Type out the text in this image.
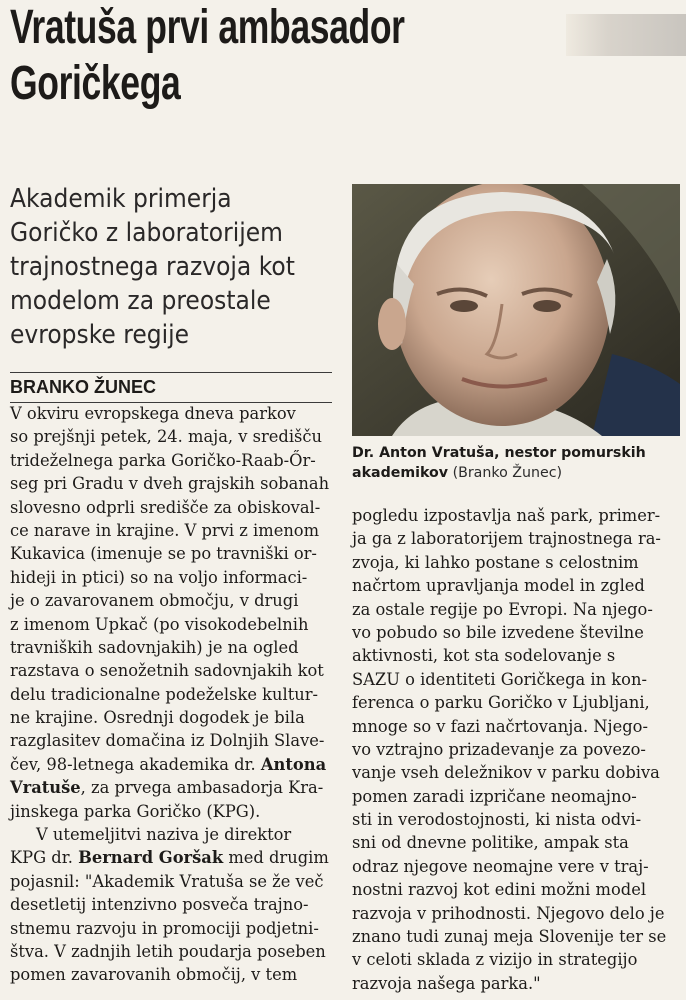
Vratuša prvi ambasador
Goričkega
Akademik primerja
Goričko z laboratorijem
trajnostnega razvoja kot
modelom za preostale
evropske regije
BRANKO ŽUNEC
Dr. Anton Vratuša, nestor pomurskih akademikov (Branko Žunec)
V okviru evropskega dneva parkov
so prejšnji petek, 24. maja, v središču
trideželnega parka Goričko-Raab-Őr-
seg pri Gradu v dveh grajskih sobanah
slovesno odprli središče za obiskoval-
ce narave in krajine. V prvi z imenom
Kukavica (imenuje se po travniški or-
hideji in ptici) so na voljo informaci-
je o zavarovanem območju, v drugi
z imenom Upkač (po visokodebelnih
travniških sadovnjakih) je na ogled
razstava o senožetnih sadovnjakih kot
delu tradicionalne podeželske kultur-
ne krajine. Osrednji dogodek je bila
razglasitev domačina iz Dolnjih Slave-
čev, 98-letnega akademika dr. Antona
Vratuše, za prvega ambasadorja Kra-
jinskega parka Goričko (KPG).
V utemeljitvi naziva je direktor
KPG dr. Bernard Goršak med drugim
pojasnil: "Akademik Vratuša se že več
desetletij intenzivno posveča trajno-
stnemu razvoju in promociji podjetni-
štva. V zadnjih letih poudarja poseben
pomen zavarovanih območij, v tem
pogledu izpostavlja naš park, primer-
ja ga z laboratorijem trajnostnega ra-
zvoja, ki lahko postane s celostnim
načrtom upravljanja model in zgled
za ostale regije po Evropi. Na njego-
vo pobudo so bile izvedene številne
aktivnosti, kot sta sodelovanje s
SAZU o identiteti Goričkega in kon-
ferenca o parku Goričko v Ljubljani,
mnoge so v fazi načrtovanja. Njego-
vo vztrajno prizadevanje za povezo-
vanje vseh deležnikov v parku dobiva
pomen zaradi izpričane neomajno-
sti in verodostojnosti, ki nista odvi-
sni od dnevne politike, ampak sta
odraz njegove neomajne vere v traj-
nostni razvoj kot edini možni model
razvoja v prihodnosti. Njegovo delo je
znano tudi zunaj meja Slovenije ter se
v celoti sklada z vizijo in strategijo
razvoja našega parka."
